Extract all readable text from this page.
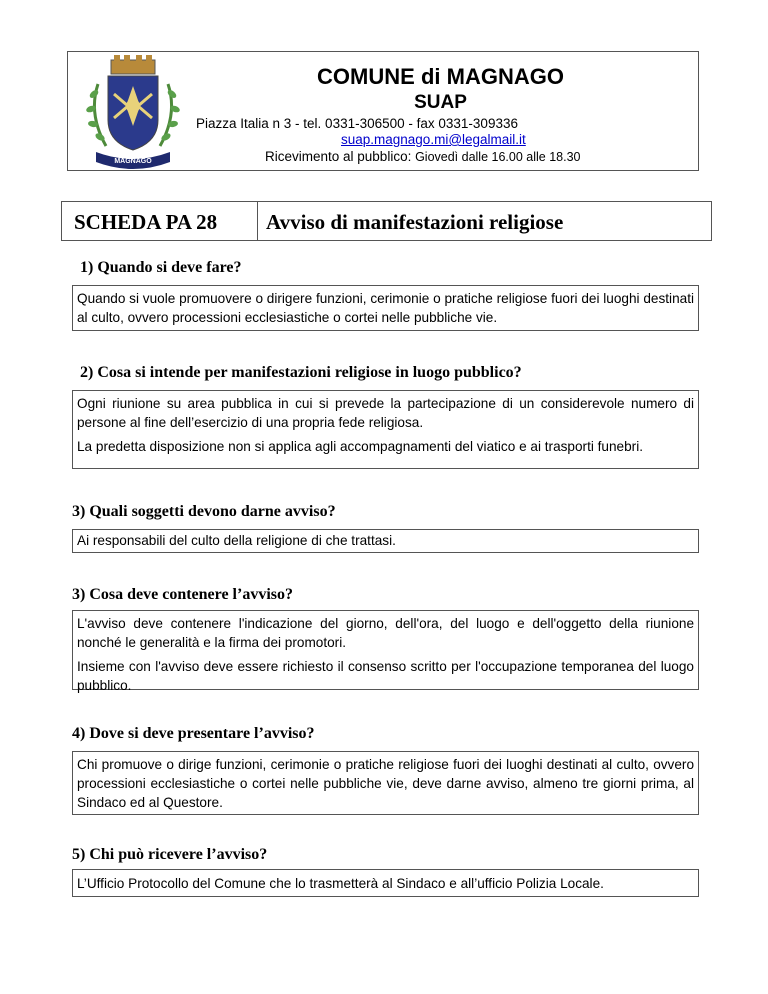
MAGNAGO
COMUNE di MAGNAGO
SUAP
Piazza Italia n 3 - tel. 0331-306500 - fax 0331-309336
suap.magnago.mi@legalmail.it
Ricevimento al pubblico: Giovedì dalle 16.00 alle 18.30
SCHEDA PA 28	Avviso di manifestazioni religiose
1) Quando si deve fare?

Quando si vuole promuovere o dirigere funzioni, cerimonie o pratiche religiose fuori dei luoghi destinati al culto, ovvero processioni ecclesiastiche o cortei nelle pubbliche vie.

2) Cosa si intende per manifestazioni religiose in luogo pubblico?

Ogni riunione su area pubblica in cui si prevede la partecipazione di un considerevole numero di persone al fine dell’esercizio di una propria fede religiosa.

La predetta disposizione non si applica agli accompagnamenti del viatico e ai trasporti funebri.

3) Quali soggetti devono darne avviso?

Ai responsabili del culto della religione di che trattasi.

3) Cosa deve contenere l’avviso?

L'avviso deve contenere l'indicazione del giorno, dell'ora, del luogo e dell'oggetto della riunione nonché le generalità e la firma dei promotori.

Insieme con l'avviso deve essere richiesto il consenso scritto per l'occupazione temporanea del luogo pubblico.

4) Dove si deve presentare l’avviso?

Chi promuove o dirige funzioni, cerimonie o pratiche religiose fuori dei luoghi destinati al culto, ovvero processioni ecclesiastiche o cortei nelle pubbliche vie, deve darne avviso, almeno tre giorni prima, al Sindaco ed al Questore.

5) Chi può ricevere l’avviso?

L’Ufficio Protocollo del Comune che lo trasmetterà al Sindaco e all’ufficio Polizia Locale.
